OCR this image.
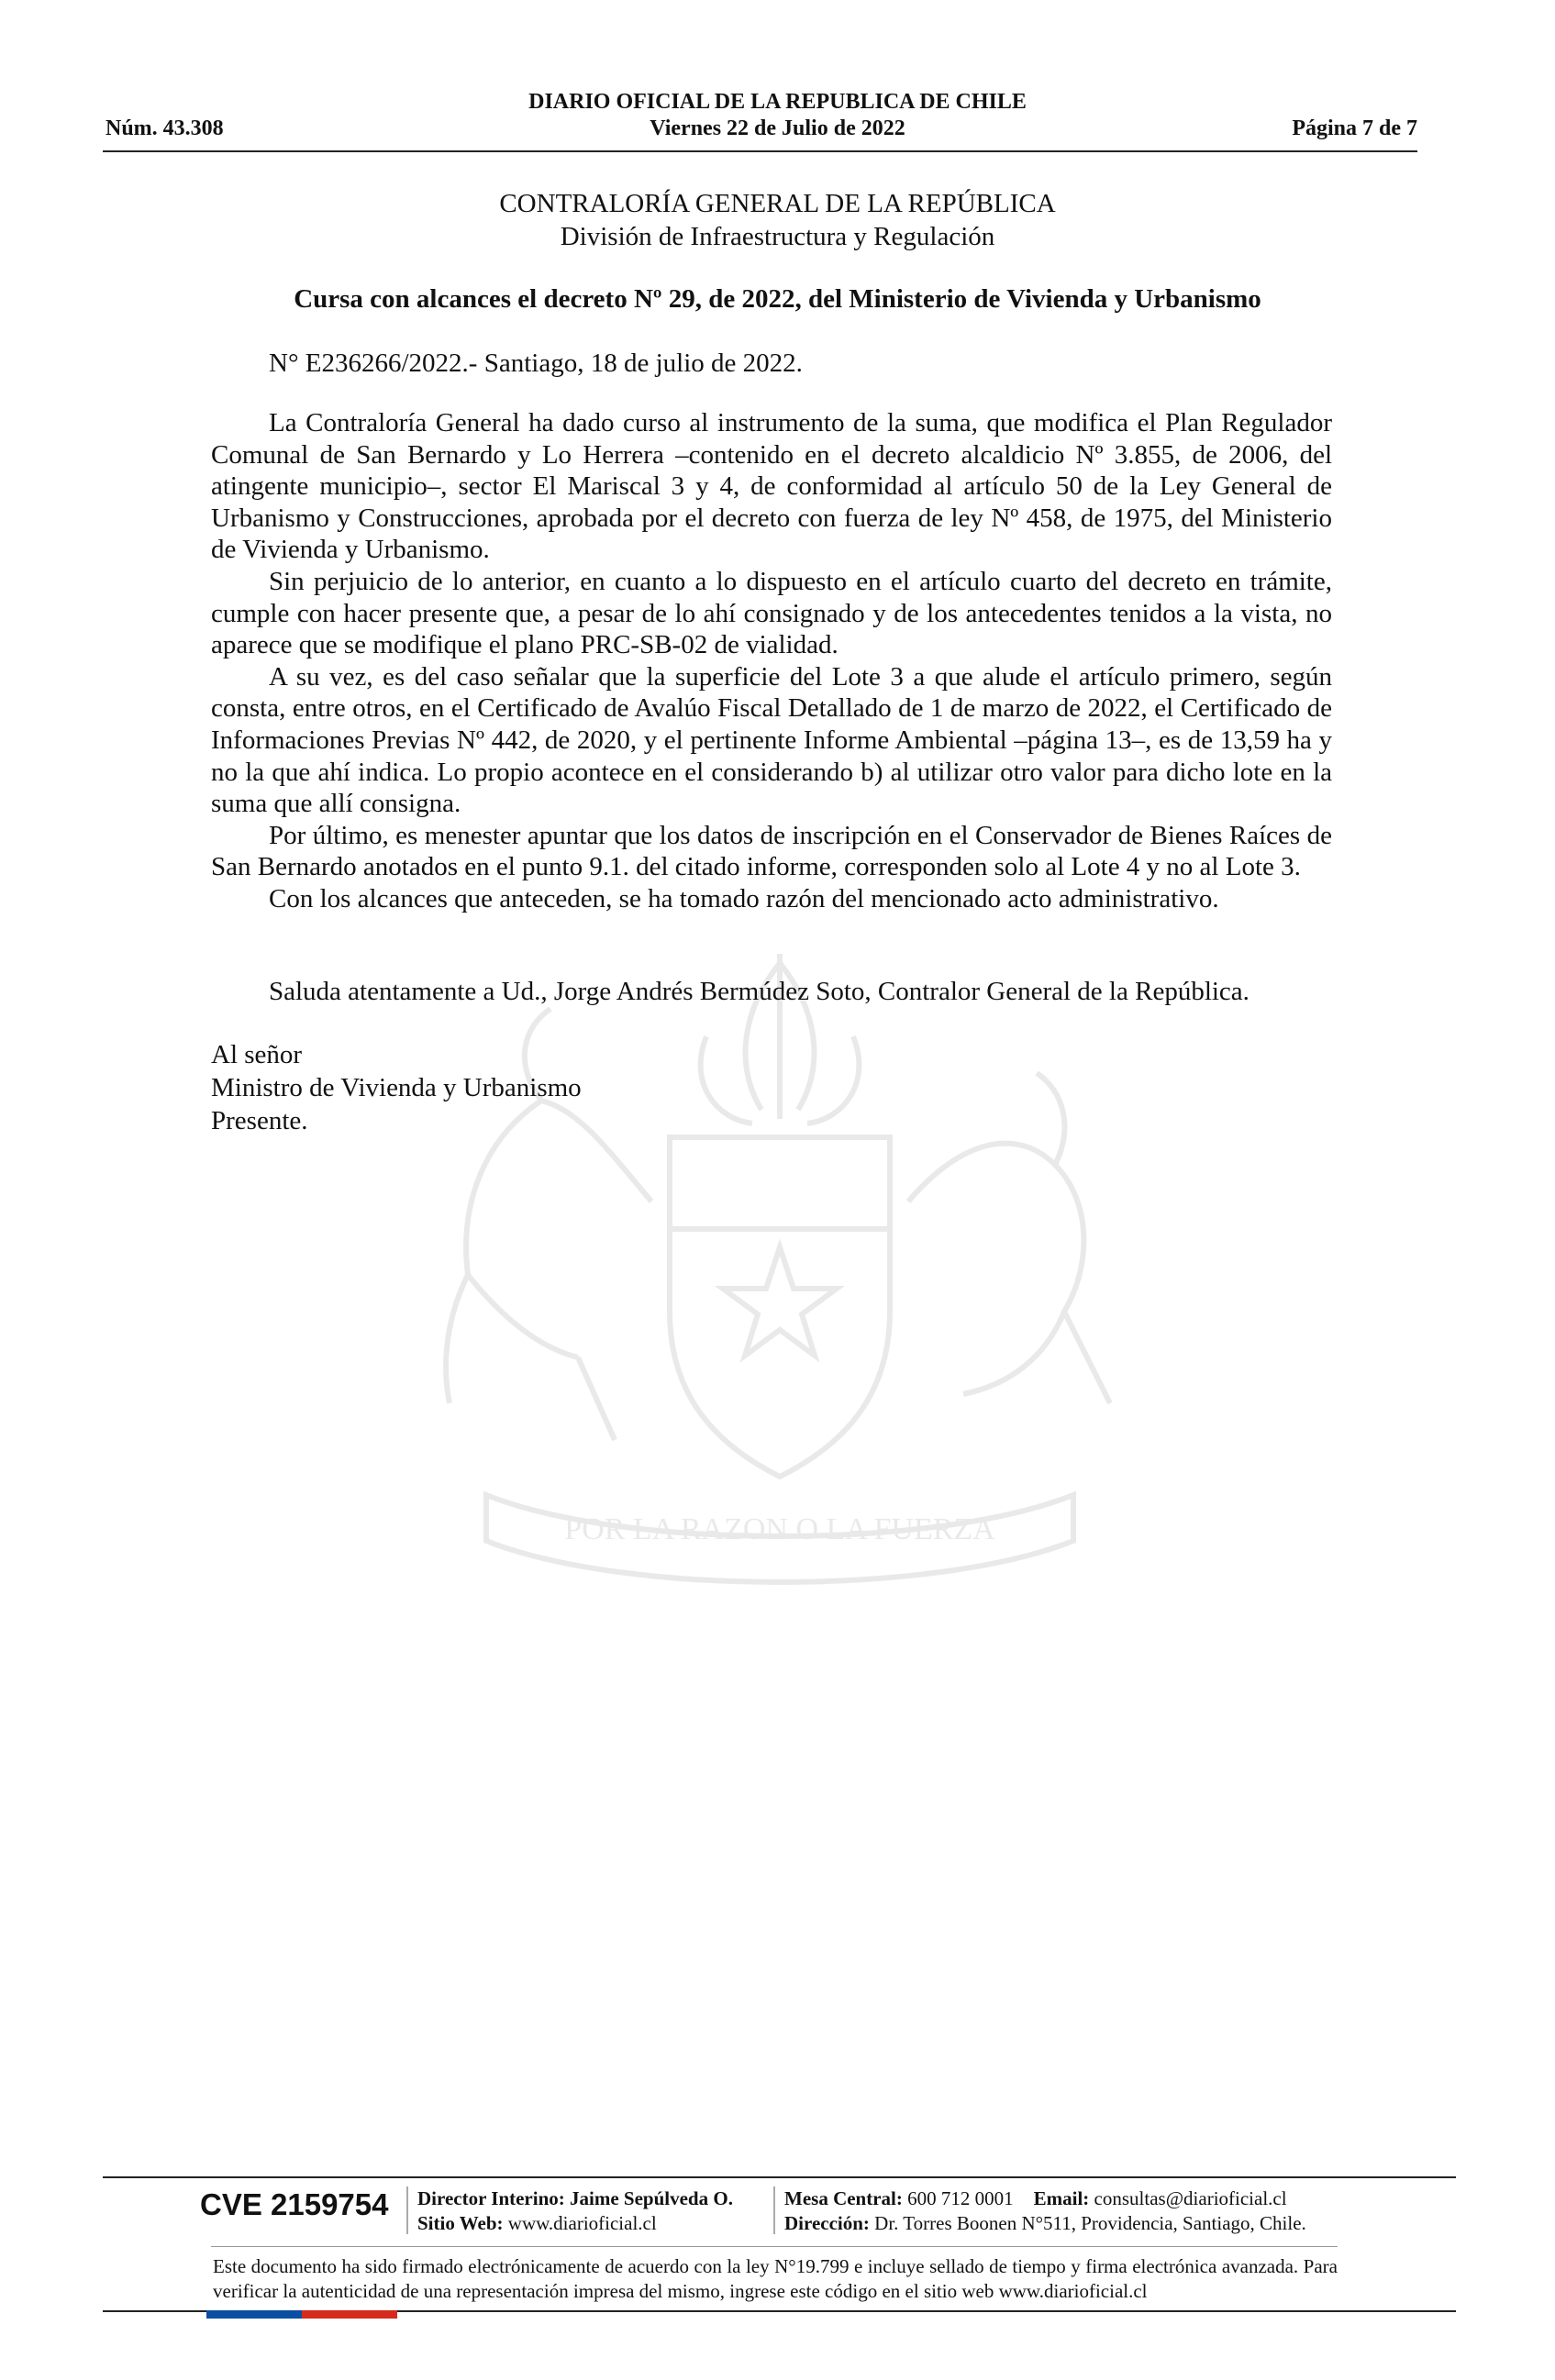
DIARIO OFICIAL DE LA REPUBLICA DE CHILE
Núm. 43.308	Viernes 22 de Julio de 2022	Página 7 de 7
POR LA RAZON O LA FUERZA
CONTRALORÍA GENERAL DE LA REPÚBLICA
División de Infraestructura y Regulación
Cursa con alcances el decreto Nº 29, de 2022, del Ministerio de Vivienda y Urbanismo
N° E236266/2022.- Santiago, 18 de julio de 2022.

La Contraloría General ha dado curso al instrumento de la suma, que modifica el Plan Regulador Comunal de San Bernardo y Lo Herrera –contenido en el decreto alcaldicio Nº 3.855, de 2006, del atingente municipio–, sector El Mariscal 3 y 4, de conformidad al artículo 50 de la Ley General de Urbanismo y Construcciones, aprobada por el decreto con fuerza de ley Nº 458, de 1975, del Ministerio de Vivienda y Urbanismo.

Sin perjuicio de lo anterior, en cuanto a lo dispuesto en el artículo cuarto del decreto en trámite, cumple con hacer presente que, a pesar de lo ahí consignado y de los antecedentes tenidos a la vista, no aparece que se modifique el plano PRC-SB-02 de vialidad.

A su vez, es del caso señalar que la superficie del Lote 3 a que alude el artículo primero, según consta, entre otros, en el Certificado de Avalúo Fiscal Detallado de 1 de marzo de 2022, el Certificado de Informaciones Previas Nº 442, de 2020, y el pertinente Informe Ambiental –página 13–, es de 13,59 ha y no la que ahí indica. Lo propio acontece en el considerando b) al utilizar otro valor para dicho lote en la suma que allí consigna.

Por último, es menester apuntar que los datos de inscripción en el Conservador de Bienes Raíces de San Bernardo anotados en el punto 9.1. del citado informe, corresponden solo al Lote 4 y no al Lote 3.

Con los alcances que anteceden, se ha tomado razón del mencionado acto administrativo.

Saluda atentamente a Ud., Jorge Andrés Bermúdez Soto, Contralor General de la República.
Al señor
Ministro de Vivienda y Urbanismo
Presente.
CVE 2159754 Director Interino: Jaime Sepúlveda O.
Sitio Web: www.diarioficial.cl
Mesa Central: 600 712 0001 Email: consultas@diarioficial.cl
Dirección: Dr. Torres Boonen N°511, Providencia, Santiago, Chile.
Este documento ha sido firmado electrónicamente de acuerdo con la ley N°19.799 e incluye sellado de tiempo y firma electrónica avanzada. Para verificar la autenticidad de una representación impresa del mismo, ingrese este código en el sitio web www.diarioficial.cl
